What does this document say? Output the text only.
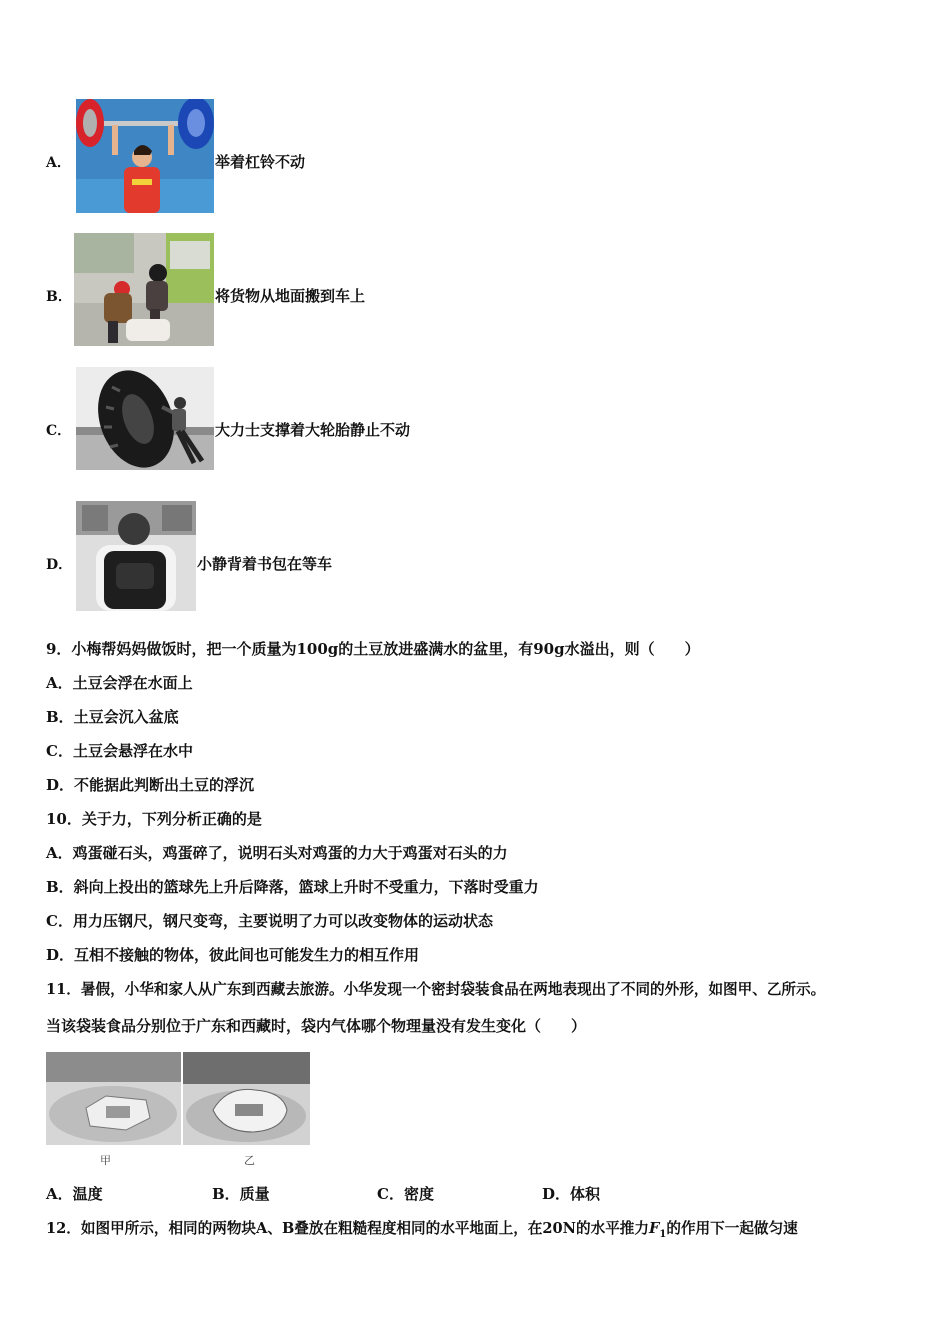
A．	举着杠铃不动
B．	将货物从地面搬到车上
C．	大力士支撑着大轮胎静止不动
D．	小静背着书包在等车
9．小梅帮妈妈做饭时，把一个质量为100g的土豆放进盛满水的盆里，有90g水溢出，则（　　）
A．土豆会浮在水面上
B．土豆会沉入盆底
C．土豆会悬浮在水中
D．不能据此判断出土豆的浮沉
10．关于力，下列分析正确的是
A．鸡蛋碰石头，鸡蛋碎了，说明石头对鸡蛋的力大于鸡蛋对石头的力
B．斜向上投出的篮球先上升后降落，篮球上升时不受重力，下落时受重力
C．用力压钢尺，钢尺变弯，主要说明了力可以改变物体的运动状态
D．互相不接触的物体，彼此间也可能发生力的相互作用
11．暑假，小华和家人从广东到西藏去旅游。小华发现一个密封袋装食品在两地表现出了不同的外形，如图甲、乙所示。
当该袋装食品分别位于广东和西藏时，袋内气体哪个物理量没有发生变化（　　）
甲	乙
A．温度	B．质量	C．密度	D．体积
12．如图甲所示，相同的两物块A、B叠放在粗糙程度相同的水平地面上，在20N的水平推力$F_1$的作用下一起做匀速
